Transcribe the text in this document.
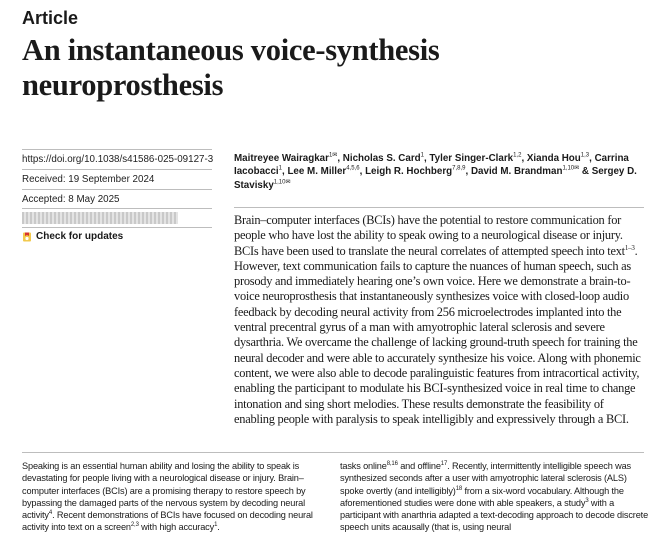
Article
An instantaneous voice-synthesis neuroprosthesis
https://doi.org/10.1038/s41586-025-09127-3
Received: 19 September 2024
Accepted: 8 May 2025
Check for updates

Maitreyee Wairagkar$^{1✉}$, Nicholas S. Card$^1$, Tyler Singer-Clark$^{1,2}$, Xianda Hou$^{1,3}$, Carrina Iacobacci$^1$, Lee M. Miller$^{4,5,6}$, Leigh R. Hochberg$^{7,8,9}$, David M. Brandman$^{1,10✉}$ & Sergey D. Stavisky$^{1,10✉}$

Brain–computer interfaces (BCIs) have the potential to restore communication for people who have lost the ability to speak owing to a neurological disease or injury. BCIs have been used to translate the neural correlates of attempted speech into text$^{1-3}$. However, text communication fails to capture the nuances of human speech, such as prosody and immediately hearing one’s own voice. Here we demonstrate a brain-to-voice neuroprosthesis that instantaneously synthesizes voice with closed-loop audio feedback by decoding neural activity from 256 microelectrodes implanted into the ventral precentral gyrus of a man with amyotrophic lateral sclerosis and severe dysarthria. We overcame the challenge of lacking ground-truth speech for training the neural decoder and were able to accurately synthesize his voice. Along with phonemic content, we were also able to decode paralinguistic features from intracortical activity, enabling the participant to modulate his BCI-synthesized voice in real time to change intonation and sing short melodies. These results demonstrate the feasibility of enabling people with paralysis to speak intelligibly and expressively through a BCI.

Speaking is an essential human ability and losing the ability to speak is devastating for people living with a neurological disease or injury. Brain–computer interfaces (BCIs) are a promising therapy to restore speech by bypassing the damaged parts of the nervous system by decoding neural activity$^4$. Recent demonstrations of BCIs have focused on decoding neural activity into text on a screen$^{2,3}$ with high accuracy$^1$.

tasks online$^{8,16}$ and offline$^{17}$. Recently, intermittently intelligible speech was synthesized seconds after a user with amyotrophic lateral sclerosis (ALS) spoke overtly (and intelligibly)$^{18}$ from a six-word vocabulary. Although the aforementioned studies were done with able speakers, a study$^3$ with a participant with anarthria adapted a text-decoding approach to decode discrete speech units acausally (that is, using neural
